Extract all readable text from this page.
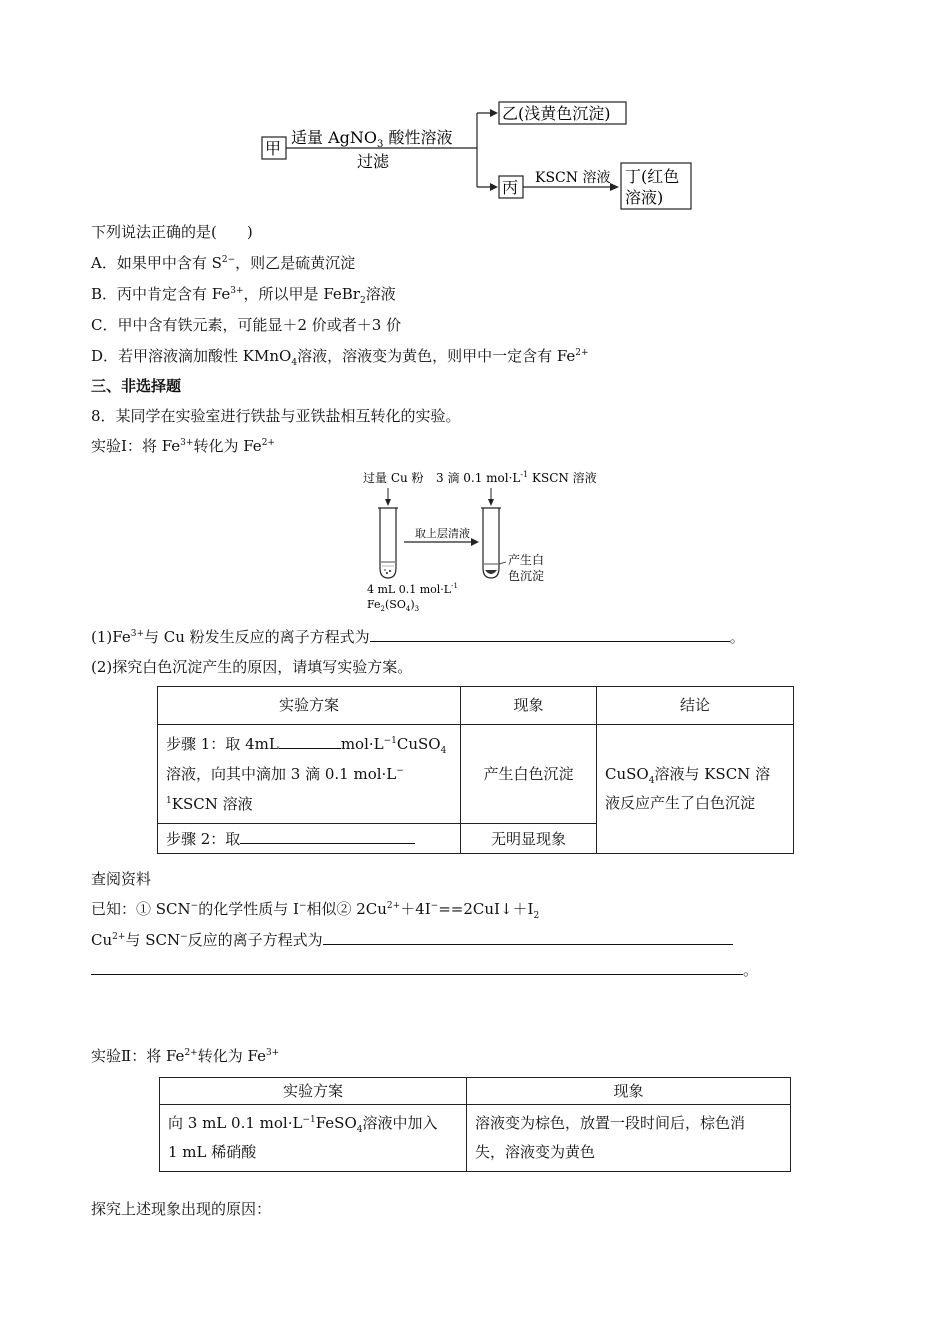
甲
适量 AgNO$_3$ 酸性溶液
过滤
乙(浅黄色沉淀)
丙 KSCN 溶液 丁(红色
溶液)
下列说法正确的是(　　)
A．如果甲中含有 $S^{2-}$，则乙是硫黄沉淀
B．丙中肯定含有 $Fe^{3+}$，所以甲是 FeBr$_2$溶液
C．甲中含有铁元素，可能显＋2 价或者＋3 价
D．若甲溶液滴加酸性 KMnO$_4$溶液，溶液变为黄色，则甲中一定含有 $Fe^{2+}$
三、非选择题
8．某同学在实验室进行铁盐与亚铁盐相互转化的实验。
实验Ⅰ：将 $Fe^{3+}$转化为 $Fe^{2+}$
过量 Cu 粉 3 滴 0.1 $mol\cdot L^{-1}$ KSCN 溶液
取上层清液
产生白
色沉淀
4 mL 0.1 $mol\cdot L^{-1}$
$Fe_2(SO_4)_3$
$(1)Fe^{3+}$与 Cu 粉发生反应的离子方程式为	。
(2)探究白色沉淀产生的原因，请填写实验方案。
实验方案	现象	结论
步骤 1：取 4mL $mol\cdot L^{-1}CuSO_4$
溶液，向其中滴加 3 滴 0.1 mol·L−
$^1$KSCN 溶液	产生白色沉淀	CuSO$_4$溶液与 KSCN 溶
液反应产生了白色沉淀
步骤 2：取	无明显现象	
查阅资料
已知：① SCN−的化学性质与 I−相似② $2Cu^{2+}+4I^-==2CuI↓+I_2$
$Cu^{2+}$与 SCN−反应的离子方程式为
。
实验Ⅱ：将 $Fe^{2+}$转化为 $Fe^{3+}$
实验方案	现象
向 3 mL 0.1 $mol\cdot L^{-1}FeSO_4$溶液中加入
1 mL 稀硝酸	溶液变为棕色，放置一段时间后，棕色消
失，溶液变为黄色
探究上述现象出现的原因：
